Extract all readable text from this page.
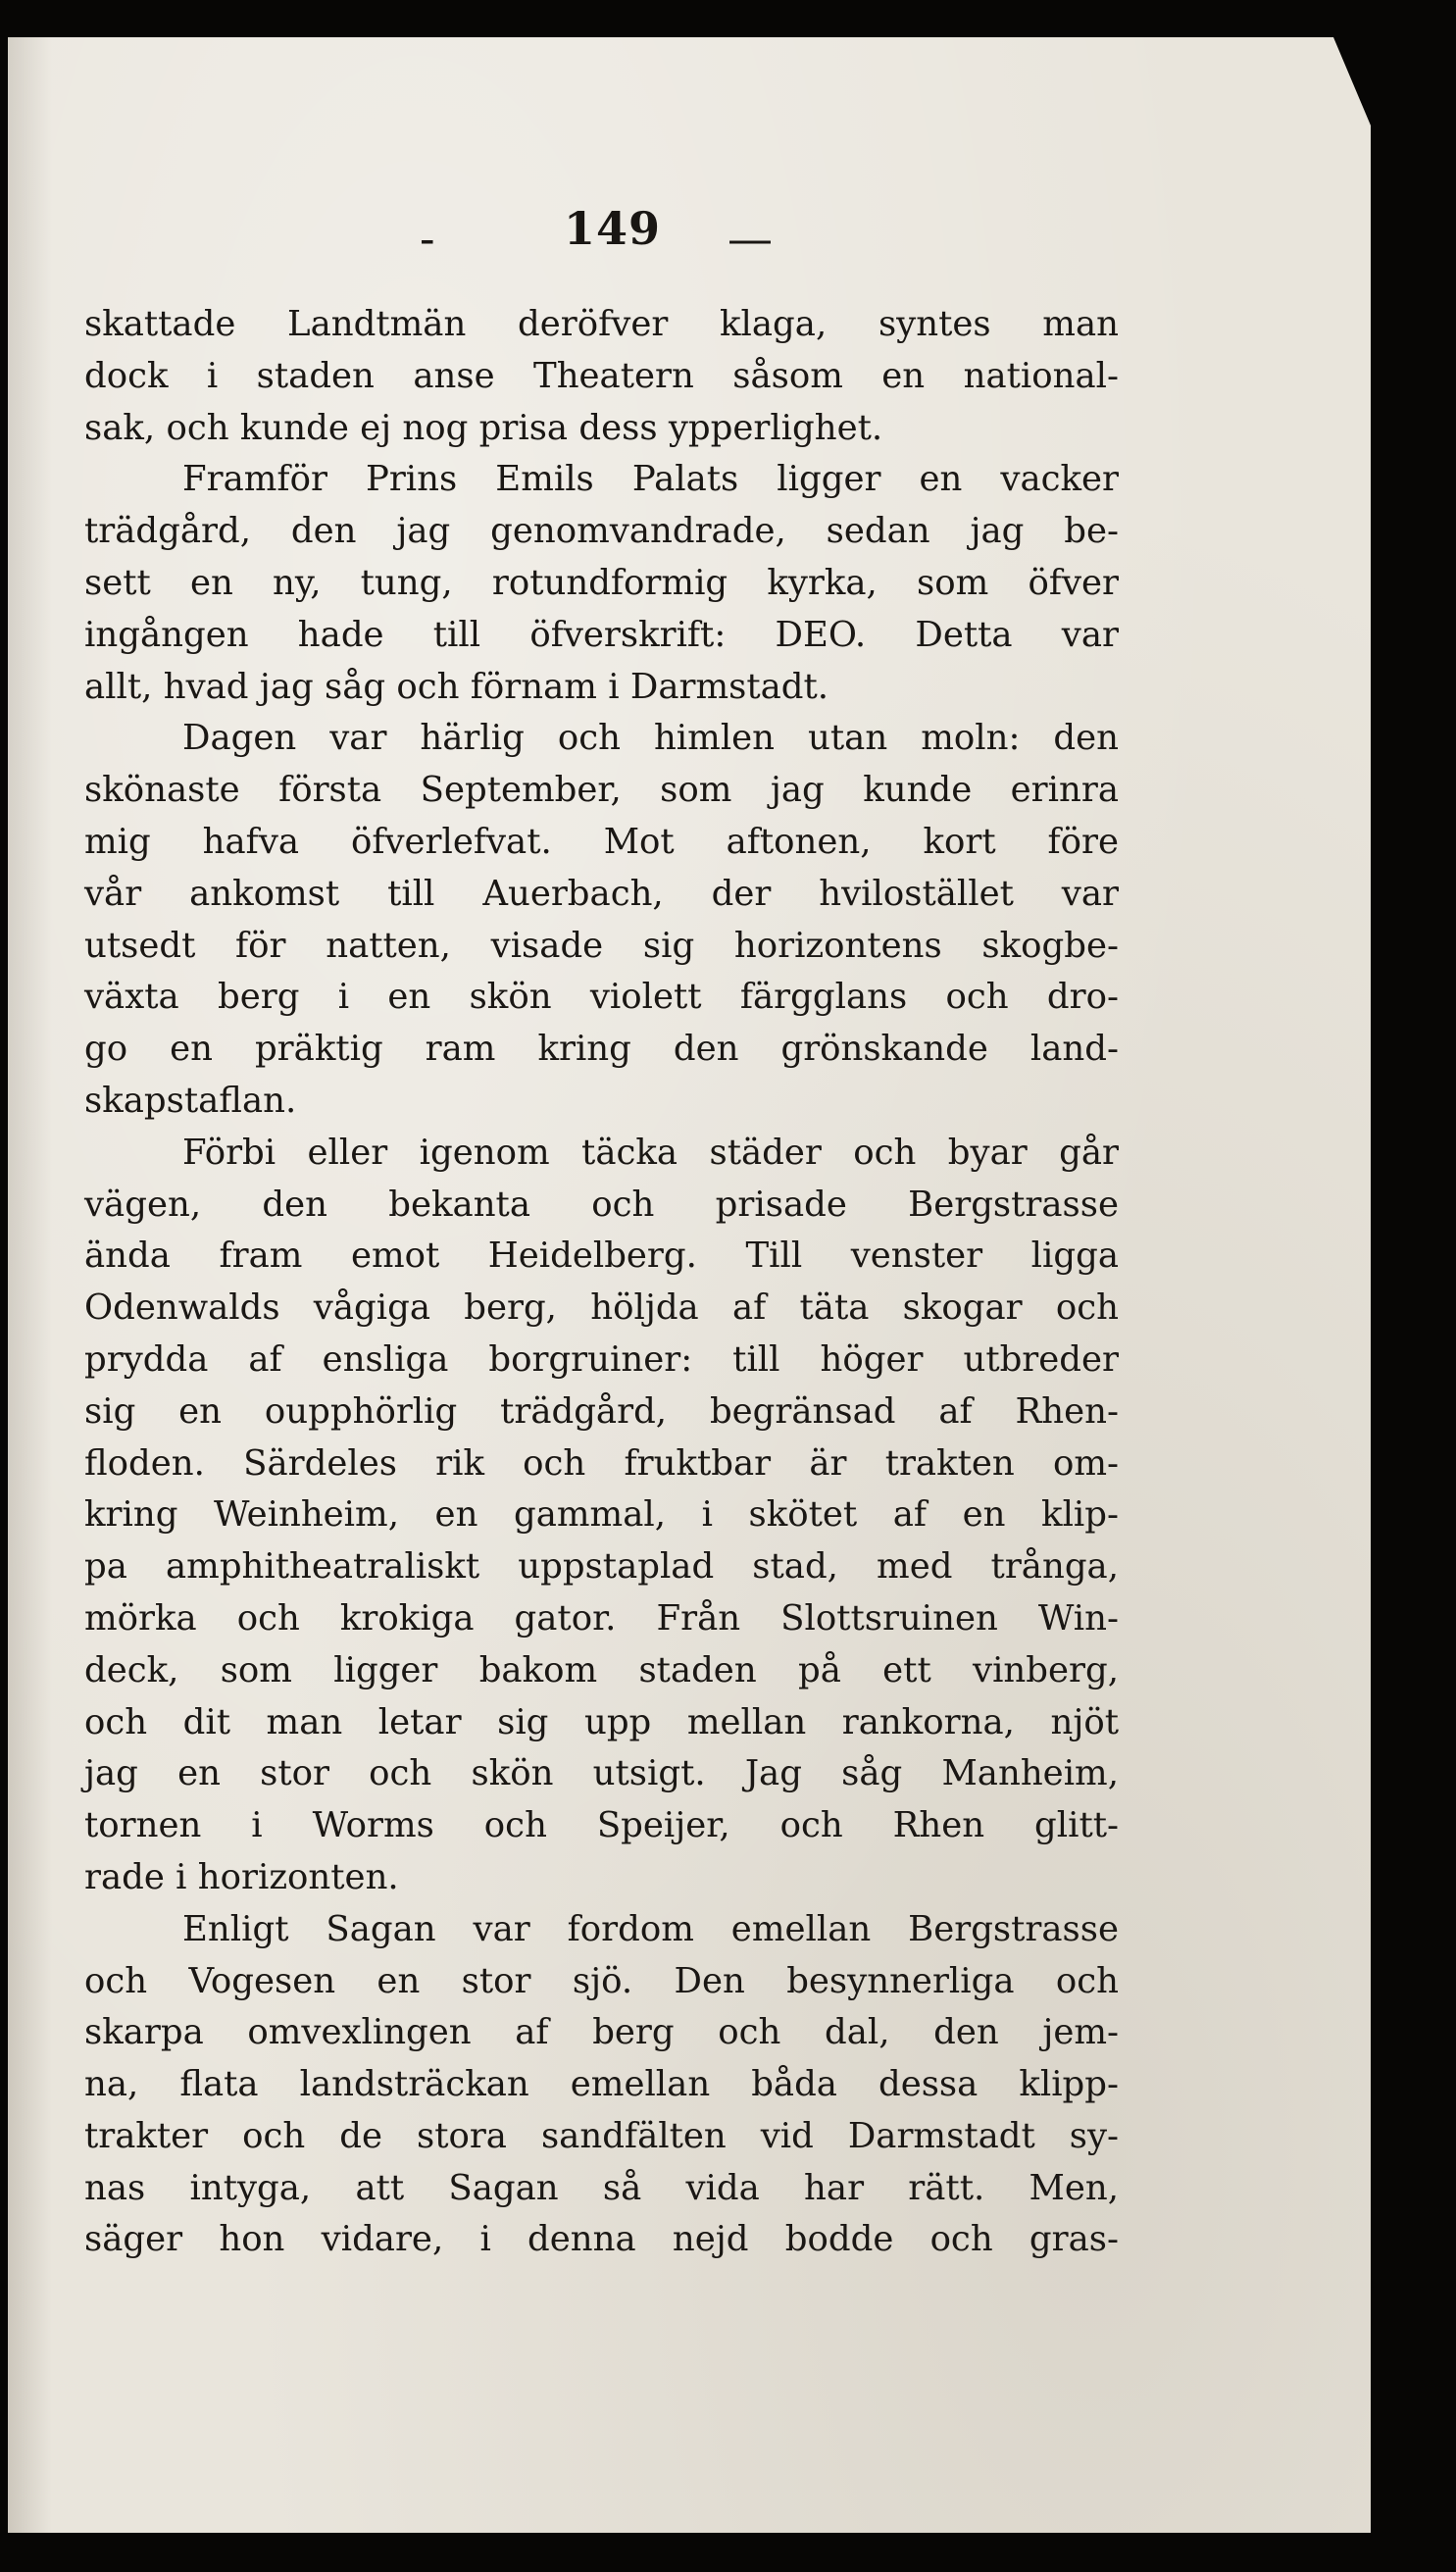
‐	149 —
skattade Landtmän deröfver klaga, syntes man
dock i staden anse Theatern såsom en national-
sak, och kunde ej nog prisa dess ypperlighet.
Framför Prins Emils Palats ligger en vacker
trädgård, den jag genomvandrade, sedan jag be-
sett en ny, tung, rotundformig kyrka, som öfver
ingången hade till öfverskrift: DEO. Detta var
allt, hvad jag såg och förnam i Darmstadt.
Dagen var härlig och himlen utan moln: den
skönaste första September, som jag kunde erinra
mig hafva öfverlefvat. Mot aftonen, kort före
vår ankomst till Auerbach, der hvilostället var
utsedt för natten, visade sig horizontens skogbe-
växta berg i en skön violett färgglans och dro-
go en präktig ram kring den grönskande land-
skapstaflan.
Förbi eller igenom täcka städer och byar går
vägen, den bekanta och prisade Bergstrasse
ända fram emot Heidelberg. Till venster ligga
Odenwalds vågiga berg, höljda af täta skogar och
prydda af ensliga borgruiner: till höger utbreder
sig en oupphörlig trädgård, begränsad af Rhen-
floden. Särdeles rik och fruktbar är trakten om-
kring Weinheim, en gammal, i skötet af en klip-
pa amphitheatraliskt uppstaplad stad, med trånga,
mörka och krokiga gator. Från Slottsruinen Win-
deck, som ligger bakom staden på ett vinberg,
och dit man letar sig upp mellan rankorna, njöt
jag en stor och skön utsigt. Jag såg Manheim,
tornen i Worms och Speijer, och Rhen glitt-
rade i horizonten.
Enligt Sagan var fordom emellan Bergstrasse
och Vogesen en stor sjö. Den besynnerliga och
skarpa omvexlingen af berg och dal, den jem-
na, flata landsträckan emellan båda dessa klipp-
trakter och de stora sandfälten vid Darmstadt sy-
nas intyga, att Sagan så vida har rätt. Men,
säger hon vidare, i denna nejd bodde och gras-
